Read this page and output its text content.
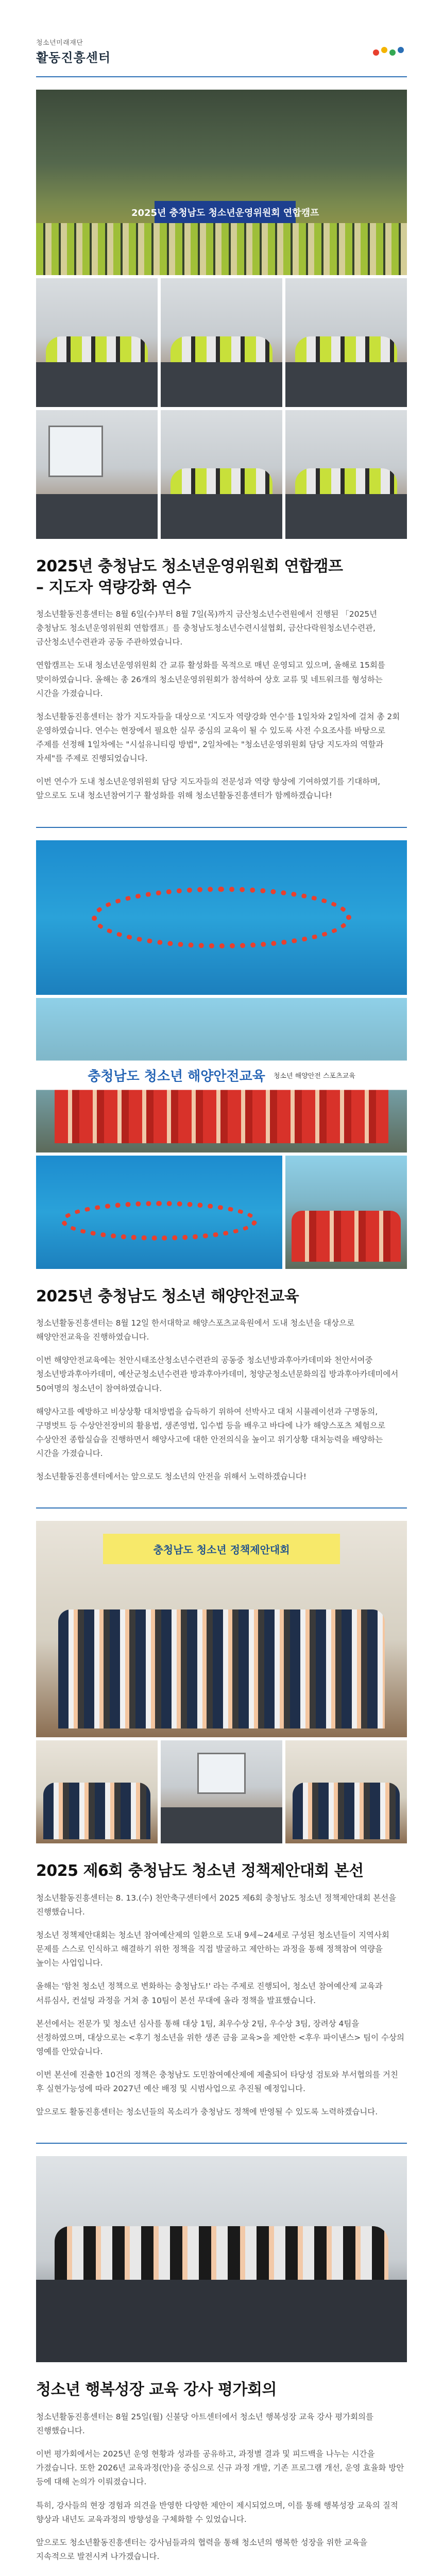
청소년미래재단
활동진흥센터
2025년 충청남도 청소년운영위원회 연합캠프
2025년 충청남도 청소년운영위원회 연합캠프
– 지도자 역량강화 연수

청소년활동진흥센터는 8월 6일(수)부터 8월 7일(목)까지 금산청소년수련원에서 진행된 「2025년 충청남도 청소년운영위원회 연합캠프」를 충청남도청소년수련시설협회, 금산다락원청소년수련관, 금산청소년수련관과 공동 주관하였습니다.

연합캠프는 도내 청소년운영위원회 간 교류 활성화를 목적으로 매년 운영되고 있으며, 올해로 15회를 맞이하였습니다. 올해는 총 26개의 청소년운영위원회가 참석하여 상호 교류 및 네트워크를 형성하는 시간을 가졌습니다.

청소년활동진흥센터는 참가 지도자들을 대상으로 '지도자 역량강화 연수'를 1일차와 2일차에 걸쳐 총 2회 운영하였습니다. 연수는 현장에서 필요한 실무 중심의 교육이 될 수 있도록 사전 수요조사를 바탕으로 주제를 선정해 1일차에는 "시설유니티링 방법", 2일차에는 "청소년운영위원회 담당 지도자의 역할과 자세"를 주제로 진행되었습니다.

이번 연수가 도내 청소년운영위원회 담당 지도자들의 전문성과 역량 향상에 기여하였기를 기대하며, 앞으로도 도내 청소년참여기구 활성화를 위해 청소년활동진흥센터가 함께하겠습니다!

충청남도 청소년 해양안전교육 청소년 해양안전 스포츠교육
2025년 충청남도 청소년 해양안전교육

청소년활동진흥센터는 8월 12일 한서대학교 해양스포츠교육원에서 도내 청소년을 대상으로 해양안전교육을 진행하였습니다.

이번 해양안전교육에는 천안시태조산청소년수련관의 공동중 청소년방과후아카데미와 천안서여중 청소년방과후아카데미, 예산군청소년수련관 방과후아카데미, 청양군청소년문화의집 방과후아카데미에서 50여명의 청소년이 참여하였습니다.

해양사고를 예방하고 비상상황 대처방법을 습득하기 위하여 선박사고 대처 시뮬레이션과 구명동의, 구명벗트 등 수상안전장비의 활용법, 생존영법, 입수법 등을 배우고 바다에 나가 해양스포츠 체험으로 수상안전 종합실습을 진행하면서 해양사고에 대한 안전의식을 높이고 위기상황 대처능력을 배양하는 시간을 가졌습니다.

청소년활동진흥센터에서는 앞으로도 청소년의 안전을 위해서 노력하겠습니다!

충청남도 청소년 정책제안대회
2025 제6회 충청남도 청소년 정책제안대회 본선

청소년활동진흥센터는 8. 13.(수) 천안축구센터에서 2025 제6회 충청남도 청소년 정책제안대회 본선을 진행했습니다.

청소년 정책제안대회는 청소년 참여예산제의 일환으로 도내 9세~24세로 구성된 청소년들이 지역사회 문제를 스스로 인식하고 해결하기 위한 정책을 직접 발굴하고 제안하는 과정을 통해 정책참여 역량을 높이는 사업입니다.

올해는 '함천 청소년 정책으로 변화하는 충청남도!' 라는 주제로 진행되어, 청소년 참여예산제 교육과 서류심사, 컨설팅 과정을 거쳐 총 10팀이 본선 무대에 올라 정책을 발표했습니다.

본선에서는 전문가 및 청소년 심사를 통해 대상 1팀, 최우수상 2팀, 우수상 3팀, 장려상 4팀을 선정하였으며, 대상으로는 <후기 청소년을 위한 생존 금융 교육>을 제안한 <후우 파이낸스> 팀이 수상의 영예를 안았습니다.

이번 본선에 진출한 10건의 정책은 충청남도 도민참여예산제에 제출되어 타당성 검토와 부서협의를 거친 후 실현가능성에 따라 2027년 예산 배정 및 시범사업으로 추진될 예정입니다.

앞으로도 활동진흥센터는 청소년들의 목소리가 충청남도 정책에 반영될 수 있도록 노력하겠습니다.

청소년 행복성장 교육 강사 평가회의

청소년활동진흥센터는 8월 25일(월) 신불당 아트센터에서 청소년 행복성장 교육 강사 평가회의를 진행했습니다.

이번 평가회에서는 2025년 운영 현황과 성과를 공유하고, 과정별 결과 및 피드백을 나누는 시간을 가졌습니다. 또한 2026년 교육과정(안)을 중심으로 신규 과정 개발, 기존 프로그램 개선, 운영 효율화 방안 등에 대해 논의가 이뤄졌습니다.

특히, 강사들의 현장 경험과 의견을 반영한 다양한 제안이 제시되었으며, 이를 통해 행복성장 교육의 질적 향상과 내년도 교육과정의 방향성을 구체화할 수 있었습니다.

앞으로도 청소년활동진흥센터는 강사님들과의 협력을 통해 청소년의 행복한 성장을 위한 교육을 지속적으로 발전시켜 나가겠습니다.
